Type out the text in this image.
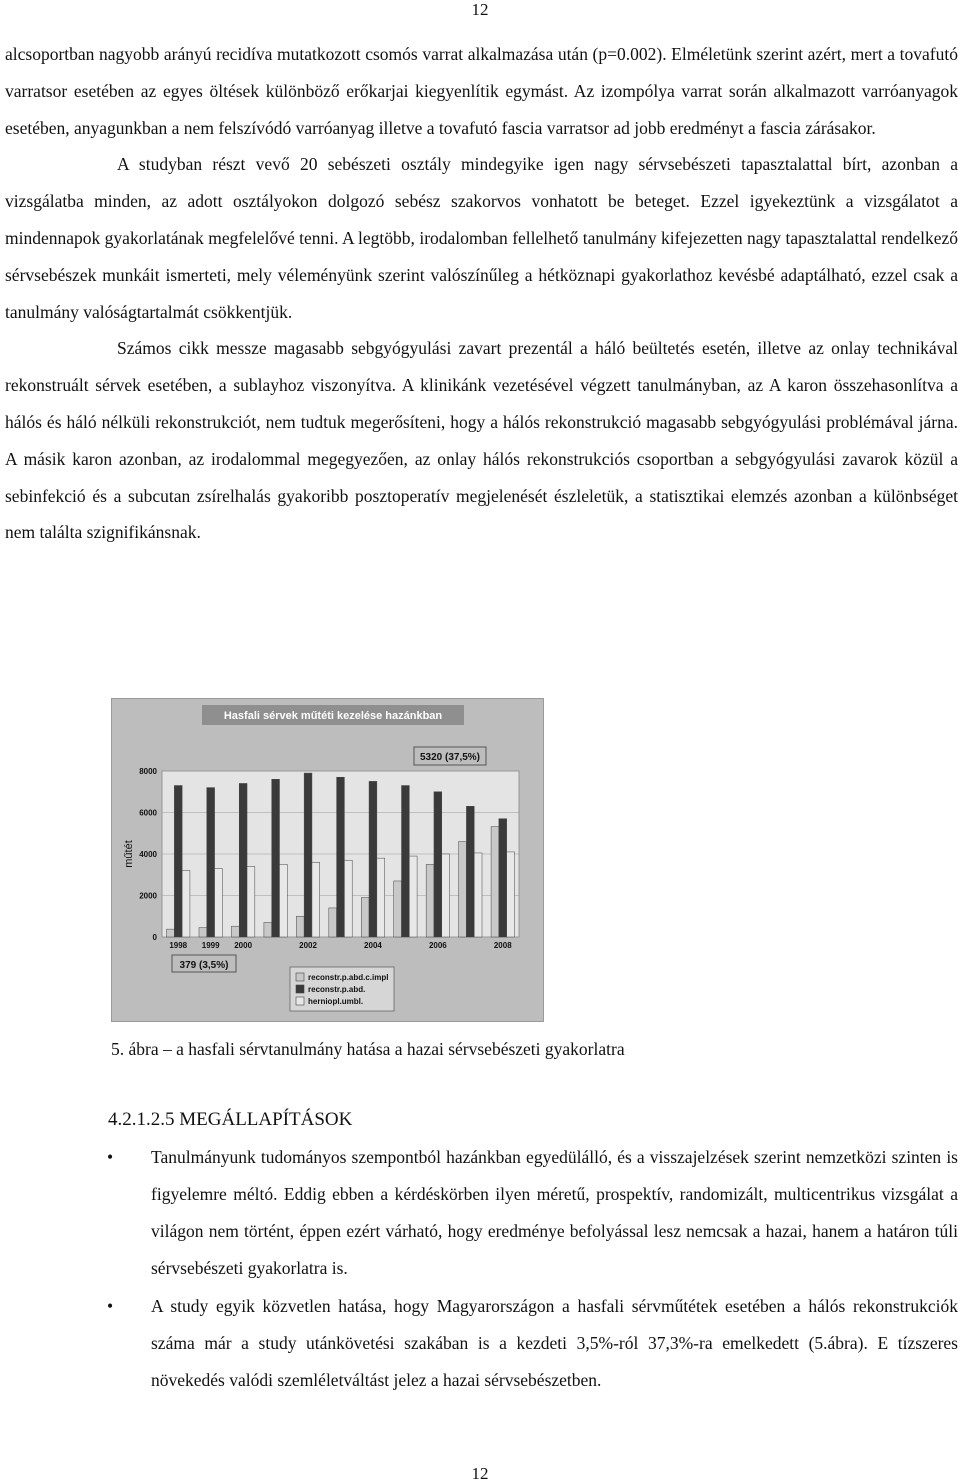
12

alcsoportban nagyobb arányú recidíva mutatkozott csomós varrat alkalmazása után (p=0.002). Elméletünk szerint azért, mert a tovafutó varratsor esetében az egyes öltések különböző erőkarjai kiegyenlítik egymást. Az izompólya varrat során alkalmazott varróanyagok esetében, anyagunkban a nem felszívódó varróanyag illetve a tovafutó fascia varratsor ad jobb eredményt a fascia zárásakor.

A studyban részt vevő 20 sebészeti osztály mindegyike igen nagy sérvsebészeti tapasztalattal bírt, azonban a vizsgálatba minden, az adott osztályokon dolgozó sebész szakorvos vonhatott be beteget. Ezzel igyekeztünk a vizsgálatot a mindennapok gyakorlatának megfelelővé tenni. A legtöbb, irodalomban fellelhető tanulmány kifejezetten nagy tapasztalattal rendelkező sérvsebészek munkáit ismerteti, mely véleményünk szerint valószínűleg a hétköznapi gyakorlathoz kevésbé adaptálható, ezzel csak a tanulmány valóságtartalmát csökkentjük.

Számos cikk messze magasabb sebgyógyulási zavart prezentál a háló beültetés esetén, illetve az onlay technikával rekonstruált sérvek esetében, a sublayhoz viszonyítva. A klinikánk vezetésével végzett tanulmányban, az A karon összehasonlítva a hálós és háló nélküli rekonstrukciót, nem tudtuk megerősíteni, hogy a hálós rekonstrukció magasabb sebgyógyulási problémával járna. A másik karon azonban, az irodalommal megegyezően, az onlay hálós rekonstrukciós csoportban a sebgyógyulási zavarok közül a sebinfekció és a subcutan zsírelhalás gyakoribb posztoperatív megjelenését észleletük, a statisztikai elemzés azonban a különbséget nem találta szignifikánsnak.

Hasfali sérvek műtéti kezelése hazánkban
5320 (37,5%)
379 (3,5%)
0
2000
4000
6000
8000
műtét
1998 1999 2000	2002	2004	2006	2008
reconstr.p.abd.c.impl
reconstr.p.abd.
herniopl.umbl.
5. ábra – a hasfali sérvtanulmány hatása a hazai sérvsebészeti gyakorlatra
4.2.1.2.5 MEGÁLLAPÍTÁSOK
• Tanulmányunk tudományos szempontból hazánkban egyedülálló, és a visszajelzések szerint nemzetközi szinten is figyelemre méltó. Eddig ebben a kérdéskörben ilyen méretű, prospektív, randomizált, multicentrikus vizsgálat a világon nem történt, éppen ezért várható, hogy eredménye befolyással lesz nemcsak a hazai, hanem a határon túli sérvsebészeti gyakorlatra is.
• A study egyik közvetlen hatása, hogy Magyarországon a hasfali sérvműtétek esetében a hálós rekonstrukciók száma már a study utánkövetési szakában is a kezdeti 3,5%-ról 37,3%-ra emelkedett (5.ábra). E tízszeres növekedés valódi szemléletváltást jelez a hazai sérvsebészetben.
12
